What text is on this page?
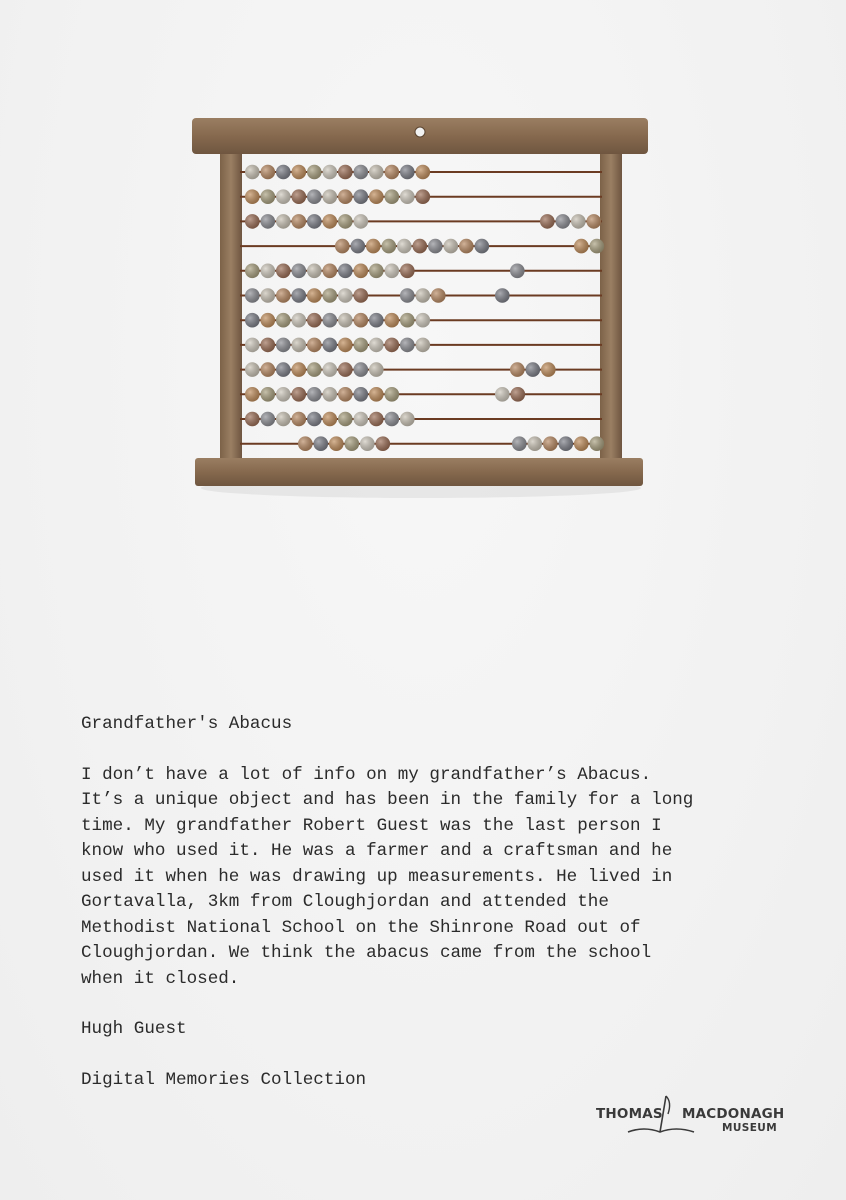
Grandfather's Abacus
I don’t have a lot of info on my grandfather’s Abacus.
It’s a unique object and has been in the family for a long
time. My grandfather Robert Guest was the last person I
know who used it. He was a farmer and a craftsman and he
used it when he was drawing up measurements. He lived in
Gortavalla, 3km from Cloughjordan and attended the
Methodist National School on the Shinrone Road out of
Cloughjordan. We think the abacus came from the school
when it closed.
Hugh Guest
Digital Memories Collection
THOMAS MACDONAGH
MUSEUM
